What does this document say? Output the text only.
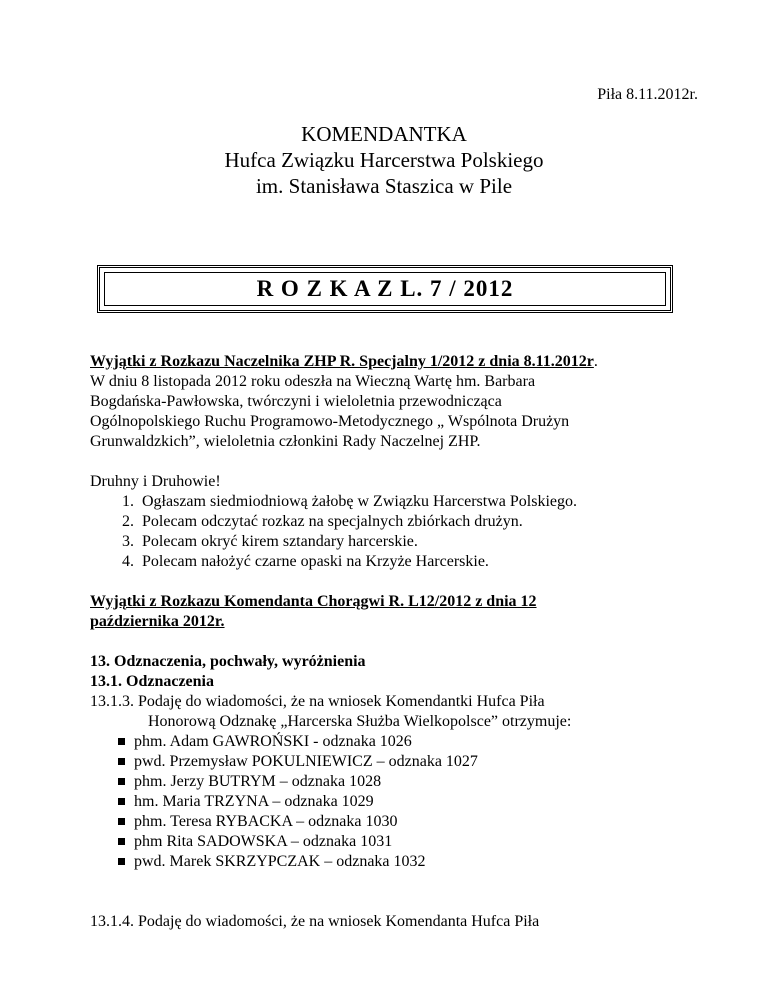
Piła 8.11.2012r.
KOMENDANTKA
Hufca Związku Harcerstwa Polskiego
im. Stanisława Staszica w Pile
R O Z K A Z L. 7 / 2012

Wyjątki z Rozkazu Naczelnika ZHP R. Specjalny 1/2012 z dnia 8.11.2012r.

W dniu 8 listopada 2012 roku odeszła na Wieczną Wartę hm. Barbara

Bogdańska-Pawłowska, twórczyni i wieloletnia przewodnicząca

Ogólnopolskiego Ruchu Programowo-Metodycznego „ Wspólnota Drużyn

Grunwaldzkich”, wieloletnia członkini Rady Naczelnej ZHP.

Druhny i Druhowie!

1. Ogłaszam siedmiodniową żałobę w Związku Harcerstwa Polskiego.
2. Polecam odczytać rozkaz na specjalnych zbiórkach drużyn.
3. Polecam okryć kirem sztandary harcerskie.
4. Polecam nałożyć czarne opaski na Krzyże Harcerskie.

Wyjątki z Rozkazu Komendanta Chorągwi R. L12/2012 z dnia 12

października 2012r.

13. Odznaczenia, pochwały, wyróżnienia

13.1. Odznaczenia

13.1.3. Podaję do wiadomości, że na wniosek Komendantki Hufca Piła

Honorową Odznakę „Harcerska Służba Wielkopolsce” otrzymuje:

phm. Adam GAWROŃSKI - odznaka 1026
pwd. Przemysław POKULNIEWICZ – odznaka 1027
phm. Jerzy BUTRYM – odznaka 1028
hm. Maria TRZYNA – odznaka 1029
phm. Teresa RYBACKA – odznaka 1030
phm Rita SADOWSKA – odznaka 1031
pwd. Marek SKRZYPCZAK – odznaka 1032

13.1.4. Podaję do wiadomości, że na wniosek Komendanta Hufca Piła
